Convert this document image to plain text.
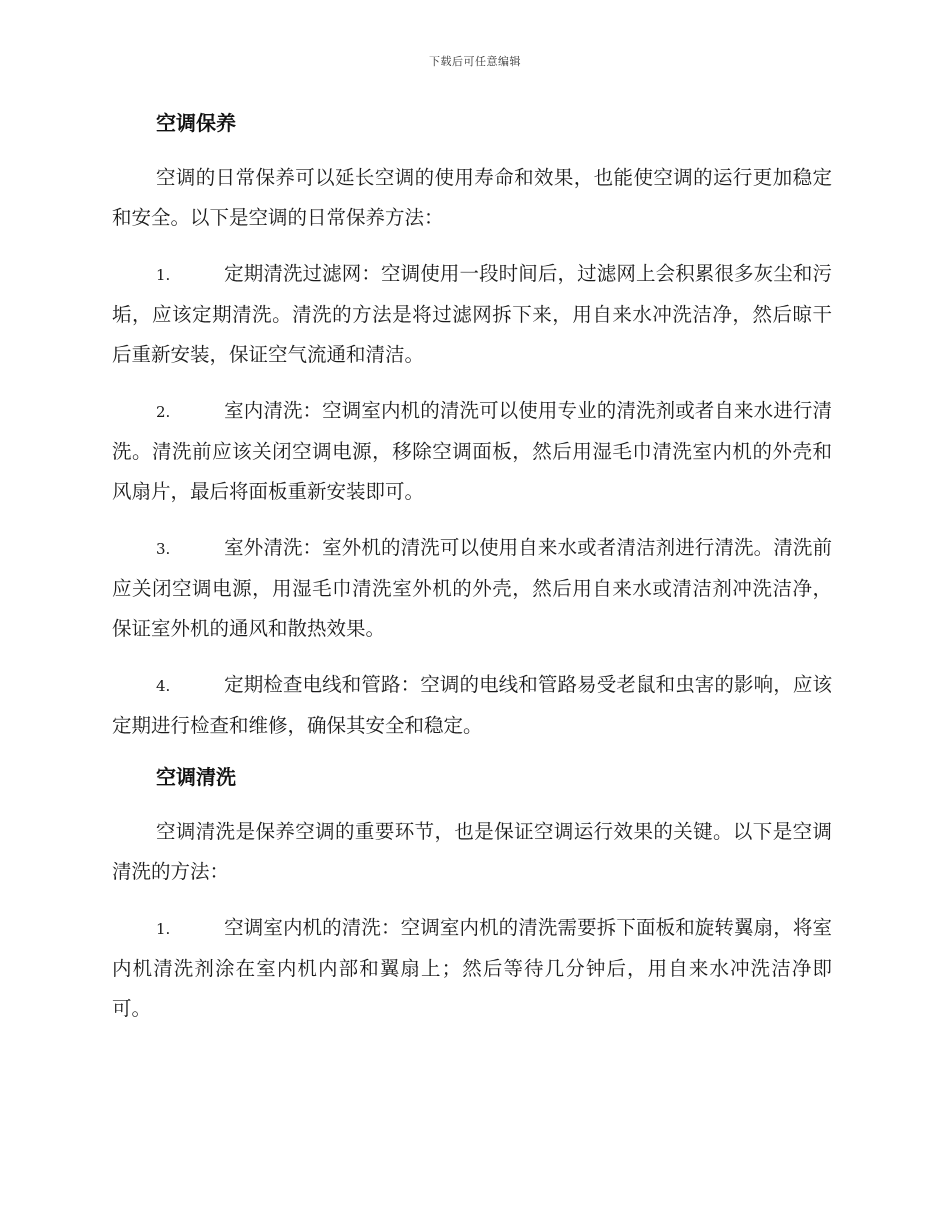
下载后可任意编辑
空调保养

空调的日常保养可以延长空调的使用寿命和效果，也能使空调的运行更加稳定和安全。以下是空调的日常保养方法：

1.	定期清洗过滤网：空调使用一段时间后，过滤网上会积累很多灰尘和污垢，应该定期清洗。清洗的方法是将过滤网拆下来，用自来水冲洗洁净，然后晾干后重新安装，保证空气流通和清洁。

2.	室内清洗：空调室内机的清洗可以使用专业的清洗剂或者自来水进行清洗。清洗前应该关闭空调电源，移除空调面板，然后用湿毛巾清洗室内机的外壳和风扇片，最后将面板重新安装即可。

3.	室外清洗：室外机的清洗可以使用自来水或者清洁剂进行清洗。清洗前应关闭空调电源，用湿毛巾清洗室外机的外壳，然后用自来水或清洁剂冲洗洁净，保证室外机的通风和散热效果。

4.	定期检查电线和管路：空调的电线和管路易受老鼠和虫害的影响，应该定期进行检查和维修，确保其安全和稳定。

空调清洗

空调清洗是保养空调的重要环节，也是保证空调运行效果的关键。以下是空调清洗的方法：

1.	空调室内机的清洗：空调室内机的清洗需要拆下面板和旋转翼扇，将室内机清洗剂涂在室内机内部和翼扇上；然后等待几分钟后，用自来水冲洗洁净即可。
